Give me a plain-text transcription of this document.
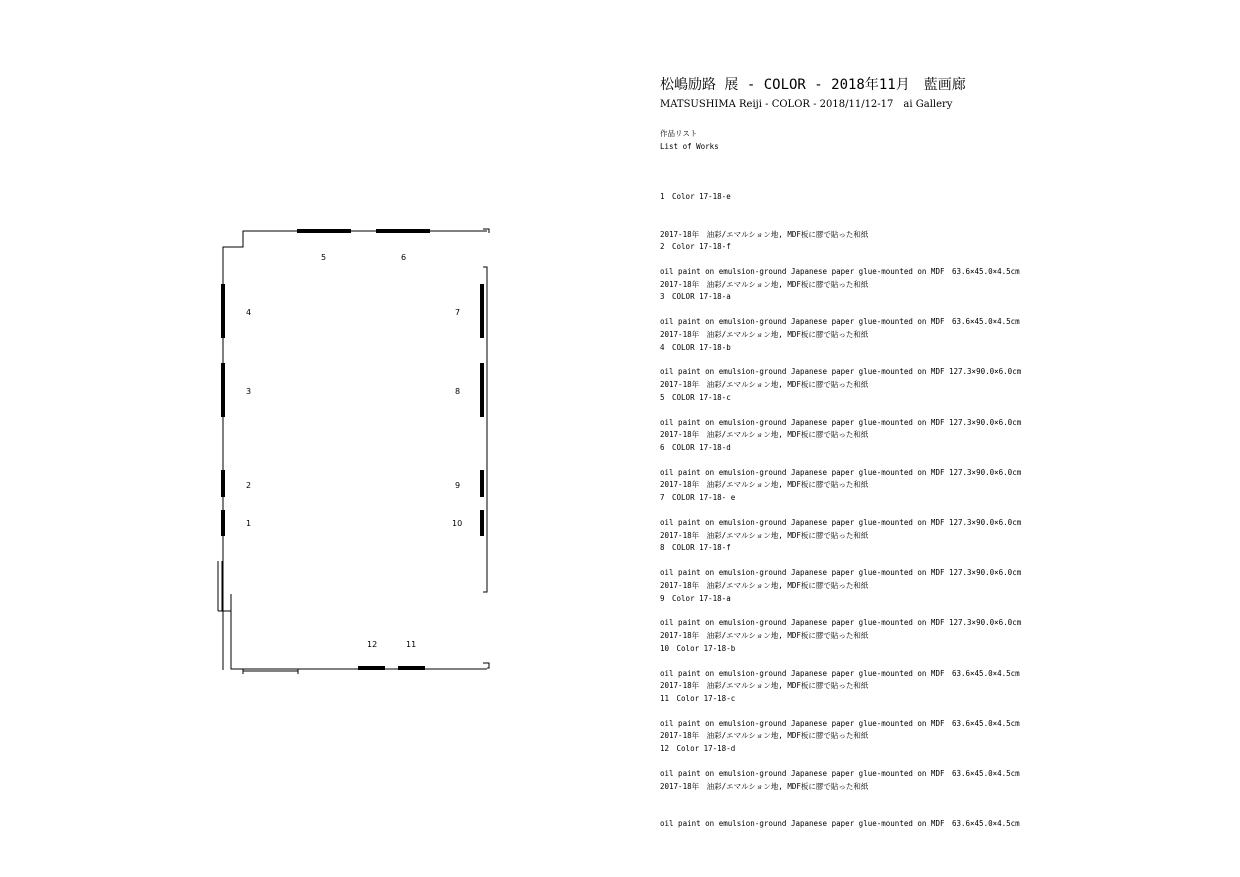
5	6
4	7
3	8
2	9
1	10
12	11
松嶋励路 展 - COLOR - 2018年11月　藍画廊
MATSUSHIMA Reiji - COLOR - 2018/11/12-17　ai Gallery
作品リスト
List of Works

1　Color 17-18-e

2017-18年　油彩/エマルション地, MDF板に膠で貼った和紙

oil paint on emulsion-ground Japanese paper glue-mounted on MDF　63.6×45.0×4.5cm

2　Color 17-18-f

2017-18年　油彩/エマルション地, MDF板に膠で貼った和紙

oil paint on emulsion-ground Japanese paper glue-mounted on MDF　63.6×45.0×4.5cm

3　COLOR 17-18-a

2017-18年　油彩/エマルション地, MDF板に膠で貼った和紙

oil paint on emulsion-ground Japanese paper glue-mounted on MDF 127.3×90.0×6.0cm

4　COLOR 17-18-b

2017-18年　油彩/エマルション地, MDF板に膠で貼った和紙

oil paint on emulsion-ground Japanese paper glue-mounted on MDF 127.3×90.0×6.0cm

5　COLOR 17-18-c

2017-18年　油彩/エマルション地, MDF板に膠で貼った和紙

oil paint on emulsion-ground Japanese paper glue-mounted on MDF 127.3×90.0×6.0cm

6　COLOR 17-18-d

2017-18年　油彩/エマルション地, MDF板に膠で貼った和紙

oil paint on emulsion-ground Japanese paper glue-mounted on MDF 127.3×90.0×6.0cm

7　COLOR 17-18- e

2017-18年　油彩/エマルション地, MDF板に膠で貼った和紙

oil paint on emulsion-ground Japanese paper glue-mounted on MDF 127.3×90.0×6.0cm

8　COLOR 17-18-f

2017-18年　油彩/エマルション地, MDF板に膠で貼った和紙

oil paint on emulsion-ground Japanese paper glue-mounted on MDF 127.3×90.0×6.0cm

9　Color 17-18-a

2017-18年　油彩/エマルション地, MDF板に膠で貼った和紙

oil paint on emulsion-ground Japanese paper glue-mounted on MDF　63.6×45.0×4.5cm

10　Color 17-18-b

2017-18年　油彩/エマルション地, MDF板に膠で貼った和紙

oil paint on emulsion-ground Japanese paper glue-mounted on MDF　63.6×45.0×4.5cm

11　Color 17-18-c

2017-18年　油彩/エマルション地, MDF板に膠で貼った和紙

oil paint on emulsion-ground Japanese paper glue-mounted on MDF　63.6×45.0×4.5cm

12　Color 17-18-d

2017-18年　油彩/エマルション地, MDF板に膠で貼った和紙

oil paint on emulsion-ground Japanese paper glue-mounted on MDF　63.6×45.0×4.5cm
